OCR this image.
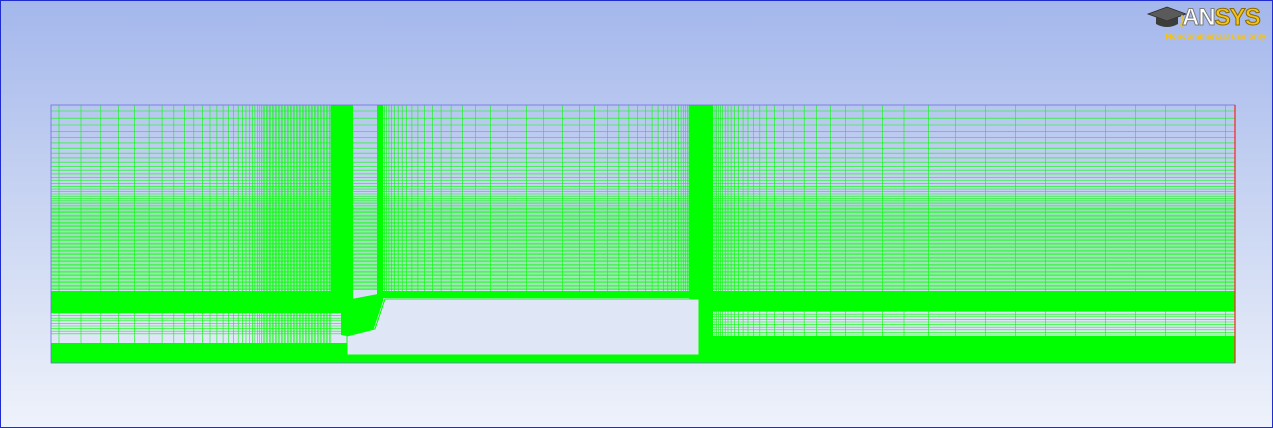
ANSYS
Noncommercial use only
